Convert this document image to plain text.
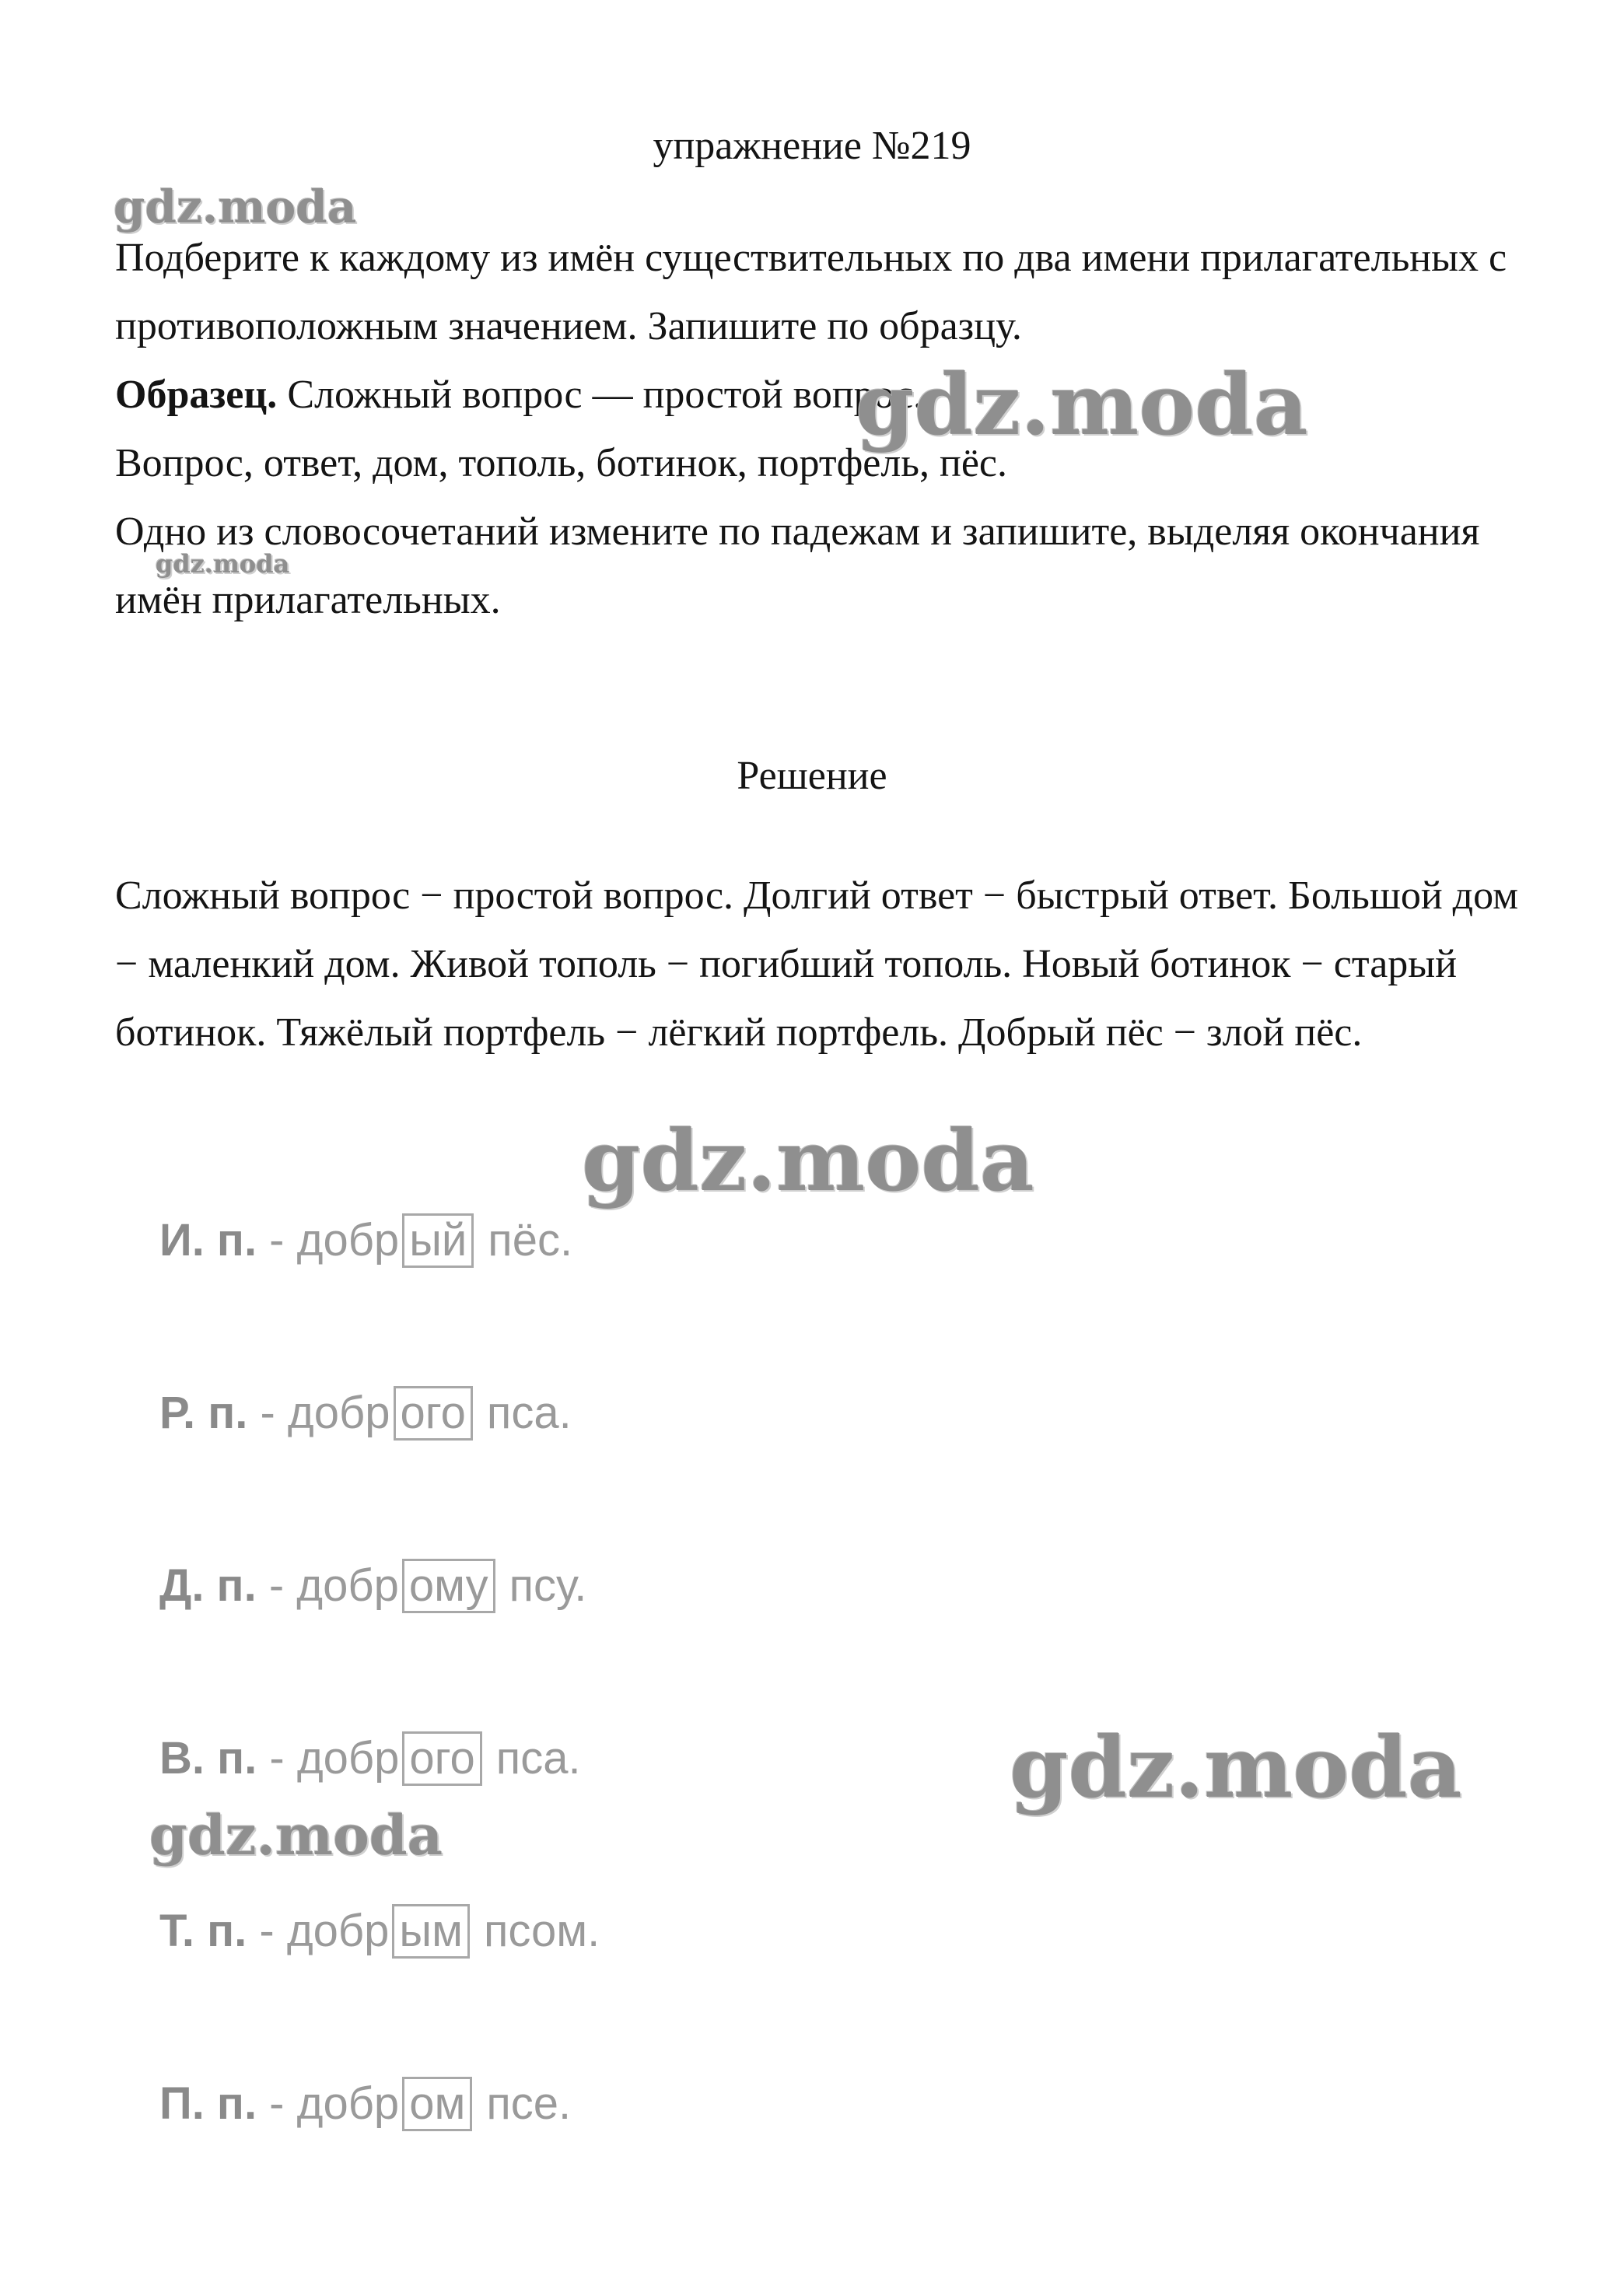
упражнение №219

Подберите к каждому из имён существительных по два имени прилагательных с противоположным значением. Запишите по образцу.

Образец. Сложный вопрос — простой вопрос.

Вопрос, ответ, дом, тополь, ботинок, портфель, пёс.

Одно из словосочетаний измените по падежам и запишите, выделяя окончания имён прилагательных.

Решение

Сложный вопрос − простой вопрос. Долгий ответ − быстрый ответ. Большой дом − маленкий дом. Живой тополь − погибший тополь. Новый ботинок − старый ботинок. Тяжёлый портфель − лёгкий портфель. Добрый пёс − злой пёс.

И. п. - добр ый пёс.
Р. п. - добр ого пса.
Д. п. - добр ому псу.
В. п. - добр ого пса.
Т. п. - добр ым псом.
П. п. - добр ом псе.
gdz.moda
gdz.moda
gdz.moda
gdz.moda
gdz.moda
gdz.moda
